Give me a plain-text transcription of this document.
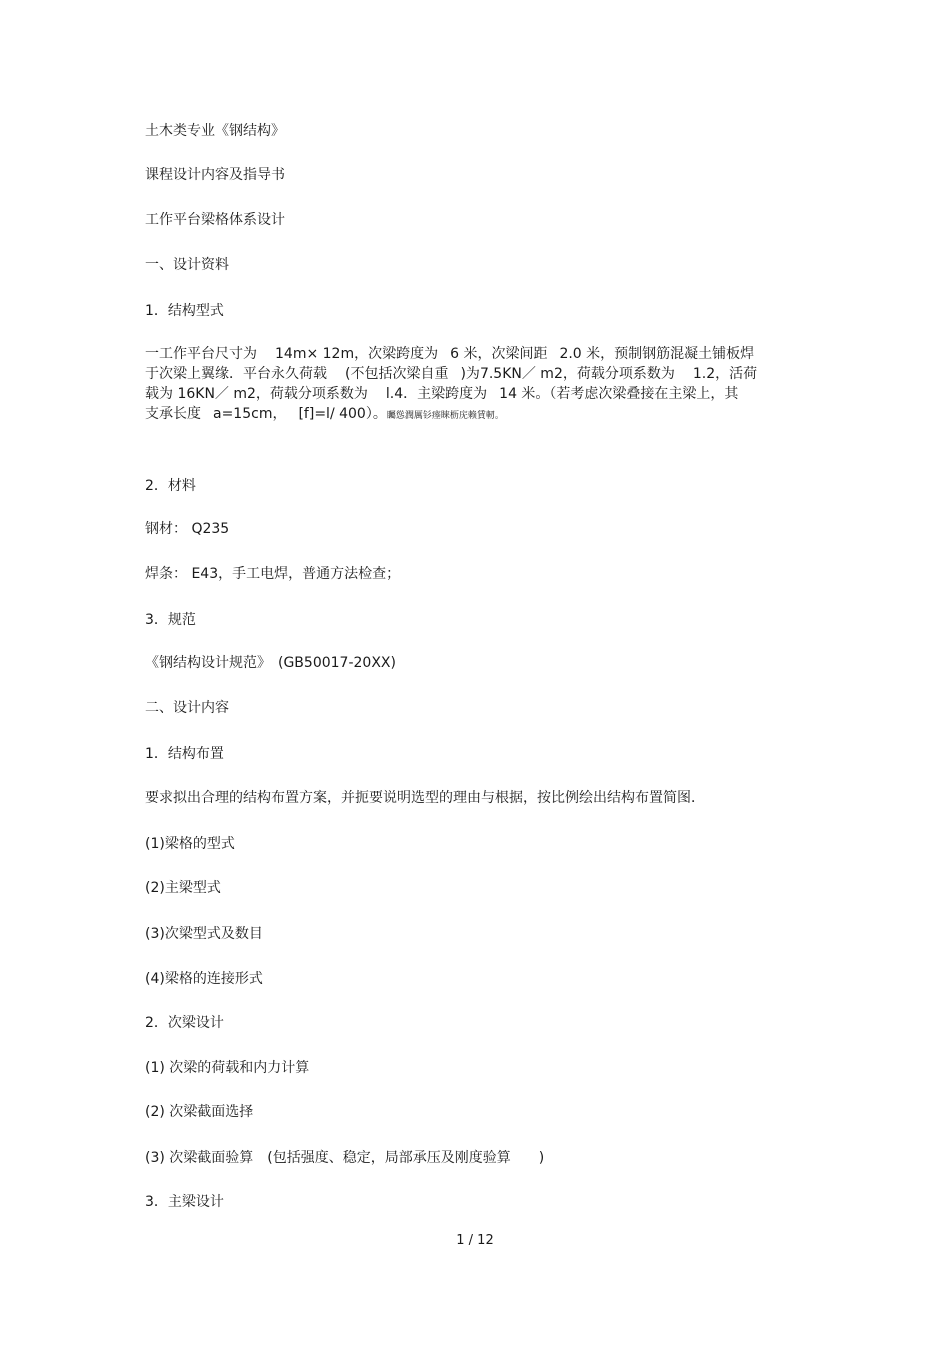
土木类专业《钢结构》

课程设计内容及指导书

工作平台梁格体系设计

一、设计资料

1．结构型式

一工作平台尺寸为 14m× 12m，次梁跨度为 6 米，次梁间距 2.0 米，预制钢筋混凝土铺板焊
于次梁上翼缘．平台永久荷载 (不包括次梁自重 )为7.5KN／ m2，荷载分项系数为 1.2，活荷
载为 16KN／ m2，荷载分项系数为 l.4．主梁跨度为 14 米。（若考虑次梁叠接在主梁上，其
支承长度 a=15cm， [f]=l/ 400）。矚慫潤厲钐瘗睞枥庑赖賃軔。

2．材料

钢材： Q235

焊条： E43，手工电焊，普通方法检查；

3．规范

《钢结构设计规范》　(GB50017-20XX)

二、设计内容

1．结构布置

要求拟出合理的结构布置方案，并扼要说明选型的理由与根据，按比例绘出结构布置简图．

(1)梁格的型式

(2)主梁型式

(3)次梁型式及数目

(4)梁格的连接形式

2．次梁设计

(1) 次梁的荷载和内力计算

(2) 次梁截面选择

(3) 次梁截面验算　(包括强度、稳定，局部承压及刚度验算　　)

3．主梁设计

1 / 12
